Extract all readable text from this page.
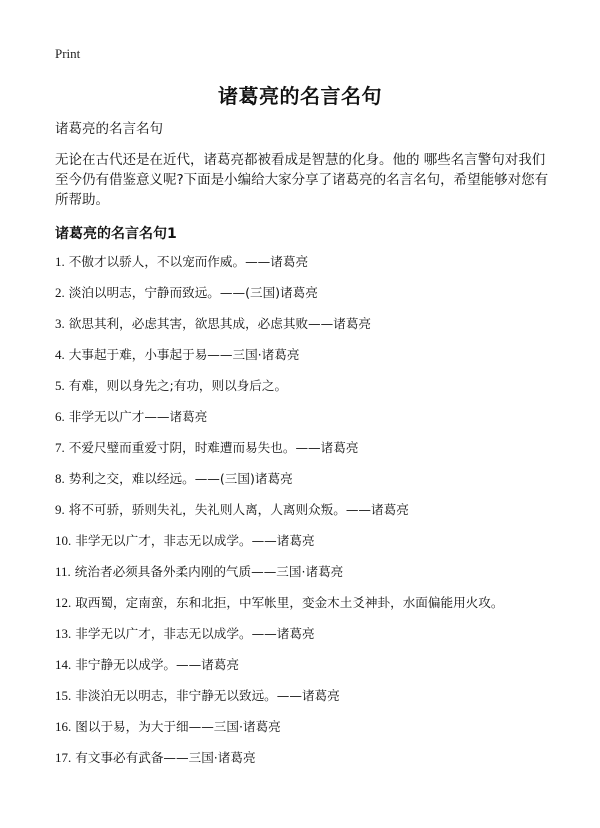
Print
诸葛亮的名言名句

诸葛亮的名言名句

无论在古代还是在近代，诸葛亮都被看成是智慧的化身。他的 哪些名言警句对我们至今仍有借鉴意义呢?下面是小编给大家分享了诸葛亮的名言名句，希望能够对您有所帮助。

诸葛亮的名言名句1
1. 不傲才以骄人，不以宠而作威。——诸葛亮
2. 淡泊以明志，宁静而致远。——(三国)诸葛亮
3. 欲思其利，必虑其害，欲思其成，必虑其败——诸葛亮
4. 大事起于难，小事起于易——三国·诸葛亮
5. 有难，则以身先之;有功，则以身后之。
6. 非学无以广才——诸葛亮
7. 不爱尺璧而重爱寸阴，时难遭而易失也。——诸葛亮
8. 势利之交，难以经远。——(三国)诸葛亮
9. 将不可骄，骄则失礼，失礼则人离，人离则众叛。——诸葛亮
10. 非学无以广才，非志无以成学。——诸葛亮
11. 统治者必须具备外柔内刚的气质——三国·诸葛亮
12. 取西蜀，定南蛮，东和北拒，中军帐里，变金木土爻神卦，水面偏能用火攻。
13. 非学无以广才，非志无以成学。——诸葛亮
14. 非宁静无以成学。——诸葛亮
15. 非淡泊无以明志，非宁静无以致远。——诸葛亮
16. 图以于易，为大于细——三国·诸葛亮
17. 有文事必有武备——三国·诸葛亮
